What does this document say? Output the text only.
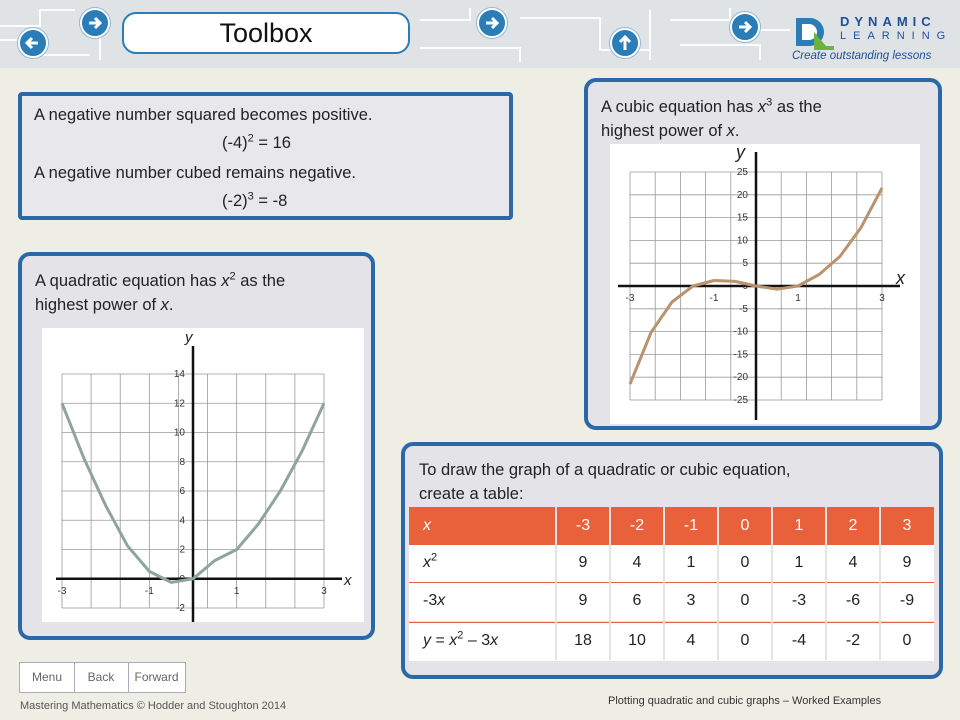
Toolbox	DYNAMIC
LEARNING
Create outstanding lessons
A negative number squared becomes positive.
$(-4)^2 = 16$
A negative number cubed remains negative.
$(-2)^3 = -8$
A quadratic equation has $x^2$ as the
highest power of x.
-2
0
2
4
6
8
10
12
14
-3	-1	1	3
y
x
A cubic equation has $x^3$ as the
highest power of x.
25
20
15
10
5
0
-5
-10
-15
-20
-25
-3	-1	1	3
y
x
To draw the graph of a quadratic or cubic equation,
create a table:
x	-3	-2	-1	0	1	2	3
$x^2$	9	4	1	0	1	4	9
-3x	9	6	3	0	-3	-6	-9
$y = x^2 - 3x$	18	10	4	0	-4	-2	0
Menu	Back	Forward
Mastering Mathematics © Hodder and Stoughton 2014	Plotting quadratic and cubic graphs – Worked Examples
